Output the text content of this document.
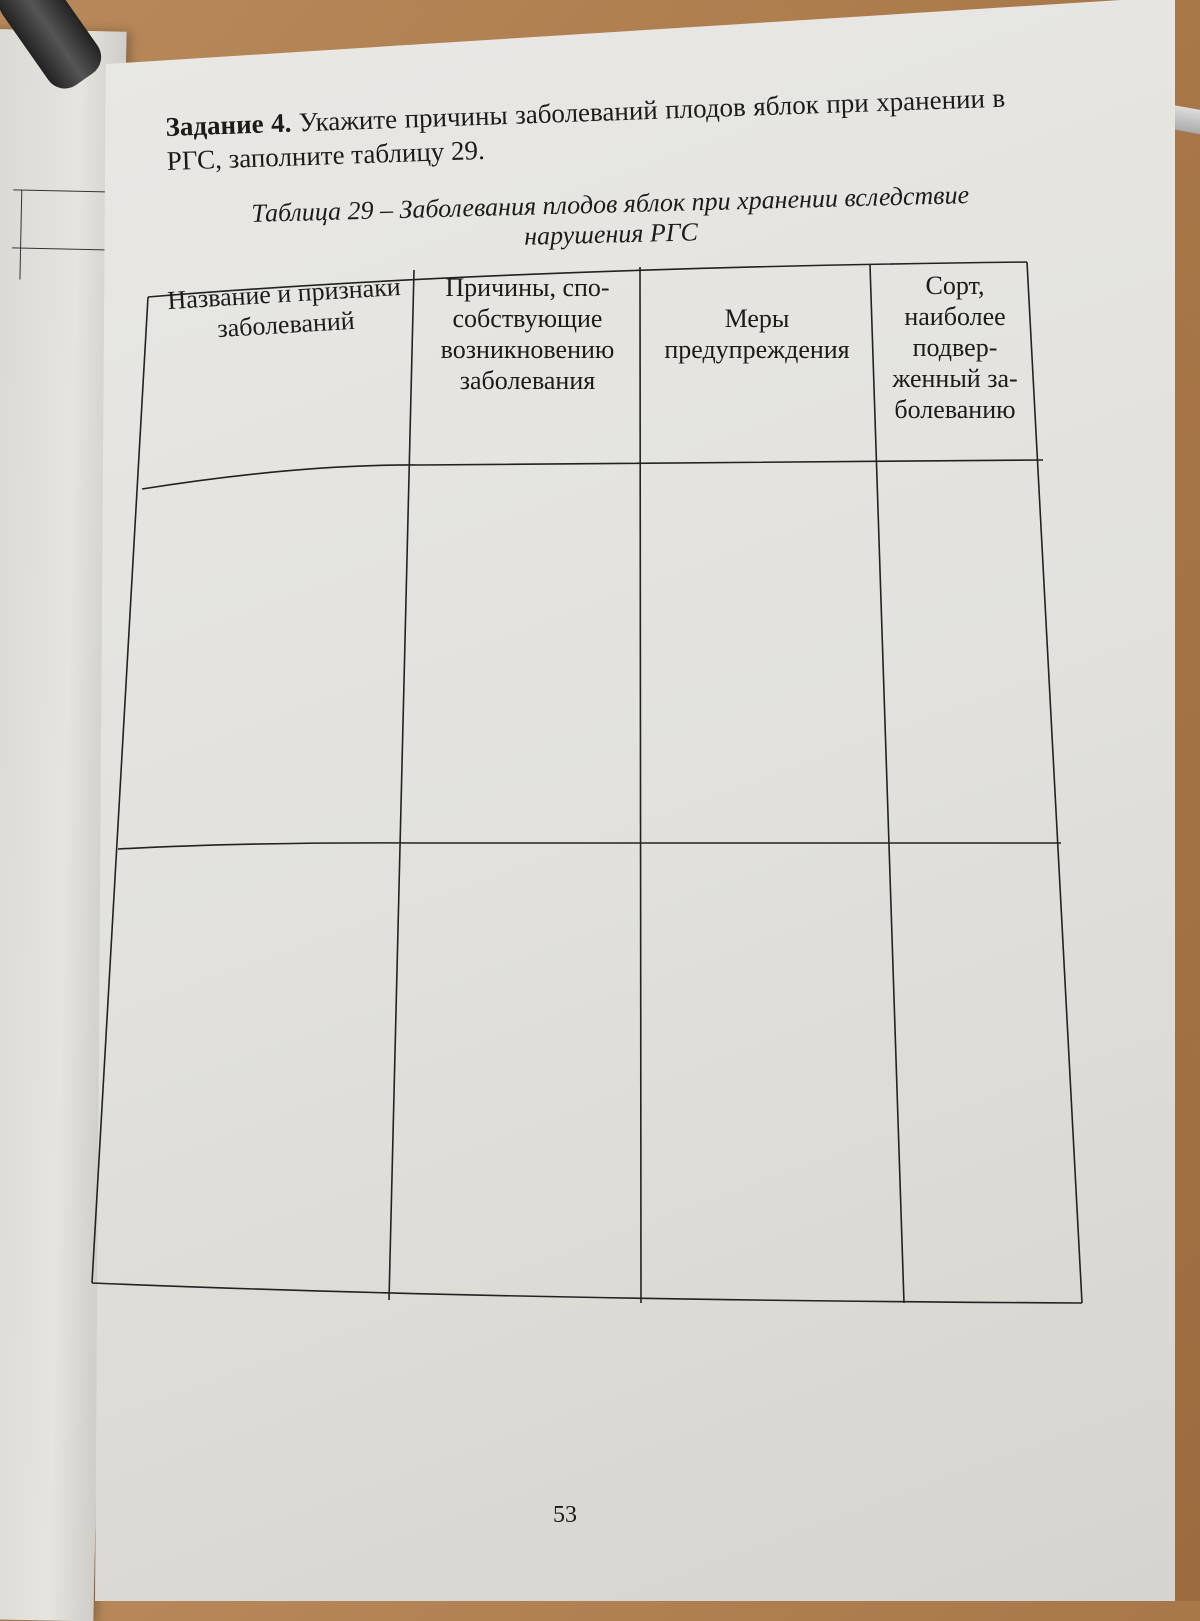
Задание 4. Укажите причины заболеваний плодов яблок при хранении в РГС, заполните таблицу 29.
Таблица 29 – Заболевания плодов яблок при хранении вследствие
нарушения РГС
Название и признаки заболеваний
Причины, спо-собствующие возникновению заболевания
Меры предупреждения
Сорт, наиболее подвер-женный за-болеванию
53
